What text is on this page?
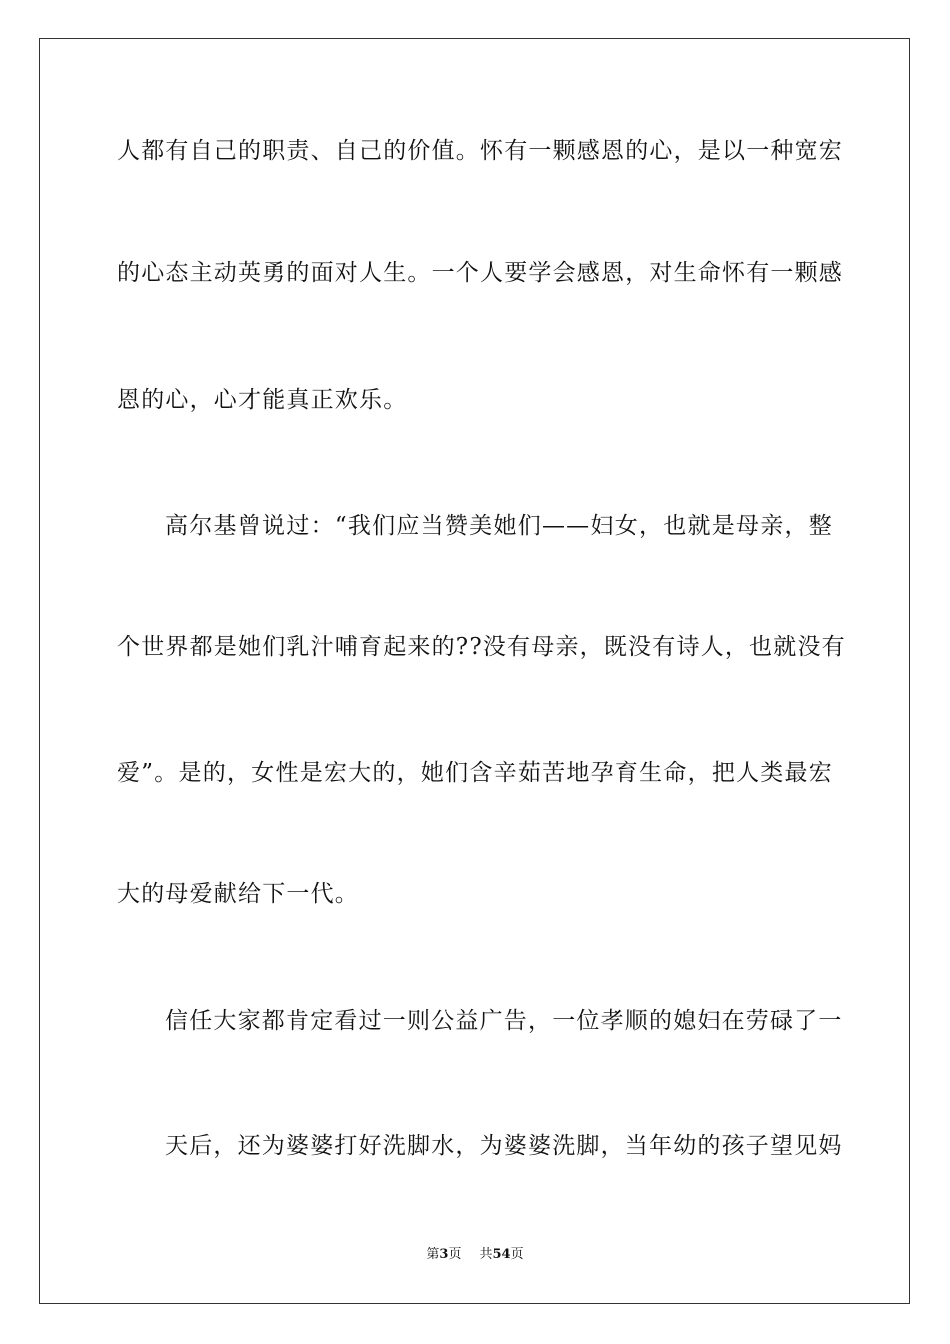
人都有自己的职责、自己的价值。怀有一颗感恩的心，是以一种宽宏
的心态主动英勇的面对人生。一个人要学会感恩，对生命怀有一颗感
恩的心，心才能真正欢乐。
高尔基曾说过：“我们应当赞美她们——妇女，也就是母亲，整
个世界都是她们乳汁哺育起来的??没有母亲，既没有诗人，也就没有
爱”。是的，女性是宏大的，她们含辛茹苦地孕育生命，把人类最宏
大的母爱献给下一代。
信任大家都肯定看过一则公益广告，一位孝顺的媳妇在劳碌了一
天后，还为婆婆打好洗脚水，为婆婆洗脚，当年幼的孩子望见妈
第3页 共54页
